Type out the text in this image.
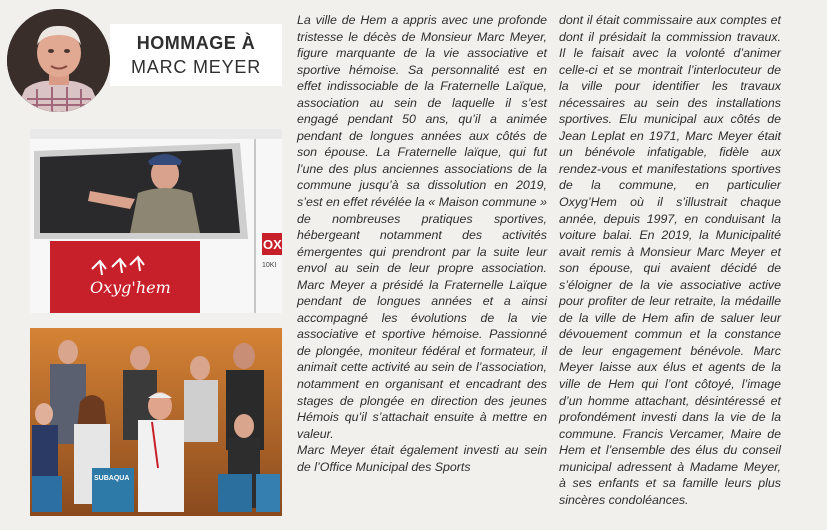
HOMMAGE À
MARC MEYER
OX
10KI
Oxyg'hem
SUBAQUA

La ville de Hem a appris avec une profonde tristesse le décès de Monsieur Marc Meyer, figure marquante de la vie associative et sportive hémoise. Sa personnalité est en effet indissociable de la Fraternelle Laïque, association au sein de laquelle il s’est engagé pendant 50 ans, qu’il a animée pendant de longues années aux côtés de son épouse. La Fraternelle laïque, qui fut l’une des plus anciennes associations de la commune jusqu’à sa dissolution en 2019, s’est en effet révélée la « Maison commune » de nombreuses pratiques sportives, hébergeant notamment des activités émergentes qui prendront par la suite leur envol au sein de leur propre association. Marc Meyer a présidé la Fraternelle Laïque pendant de longues années et a ainsi accompagné les évolutions de la vie associative et sportive hémoise. Passionné de plongée, moniteur fédéral et formateur, il animait cette activité au sein de l’association, notamment en organisant et encadrant des stages de plongée en direction des jeunes Hémois qu’il s’attachait ensuite à mettre en valeur.

Marc Meyer était également investi au sein de l’Office Municipal des Sports

dont il était commissaire aux comptes et dont il présidait la commission travaux. Il le faisait avec la volonté d’animer celle-ci et se montrait l’interlocuteur de la ville pour identifier les travaux nécessaires au sein des installations sportives. Elu municipal aux côtés de Jean Leplat en 1971, Marc Meyer était un bénévole infatigable, fidèle aux rendez-vous et manifestations sportives de la commune, en particulier Oxyg’Hem où il s’illustrait chaque année, depuis 1997, en conduisant la voiture balai. En 2019, la Municipalité avait remis à Monsieur Marc Meyer et son épouse, qui avaient décidé de s’éloigner de la vie associative active pour profiter de leur retraite, la médaille de la ville de Hem afin de saluer leur dévouement commun et la constance de leur engagement bénévole. Marc Meyer laisse aux élus et agents de la ville de Hem qui l’ont côtoyé, l’image d’un homme attachant, désintéressé et profondément investi dans la vie de la commune. Francis Vercamer, Maire de Hem et l’ensemble des élus du conseil municipal adressent à Madame Meyer, à ses enfants et sa famille leurs plus sincères condoléances.
